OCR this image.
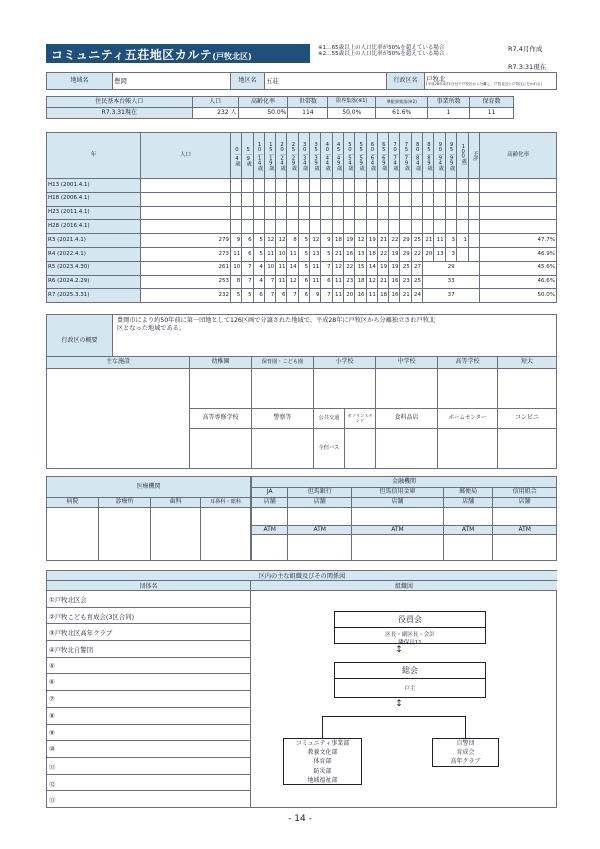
コミュニティ五荘地区カルテ(戸牧北区)
※1…65歳以上の人口比率が50%を超えている場合
※2…55歳以上の人口比率が50%を超えている場合
R7.4月作成
R7.3.31現在
地域名	豊岡	地区名	五荘	行政区名	戸牧北
(平成28年4月1日付で戸牧区から分離し、戸牧北区と戸牧区に分かれる)
住民基本台帳人口	人口	高齢化率	世帯数	限界集落(※1)	準限界集落(※2)	事業所数	保育数
R7.3.31現在	232 人	50.0%	114	50.0%	61.6%	1	11
年	人口	0｜4歳	5｜9歳	10｜14歳	15｜19歳	20｜24歳	25｜29歳	30｜34歳	35｜39歳	40｜44歳	45｜49歳	50｜54歳	55｜59歳	60｜64歳	65｜69歳	70｜74歳	75｜79歳	80｜84歳	85｜89歳	90｜94歳	95｜99歳	100歳｜	不詳	高齢化率
H13 (2001.4.1)																								
H18 (2006.4.1)																								
H23 (2011.4.1)																								
H28 (2016.4.1)																								
R3 (2021.4.1)	279	9	6	5	12	12	8	5	12	9	18	19	12	19	21	22	29	25	21	11	3	1		47.7%
R4 (2022.4.1)	273	11	6	5	11	10	11	5	13	5	21	16	13	18	22	19	29	22	20	13	3			46.9%
R5 (2023.4.30)	261	10	7	4	10	11	14	5	11	7	12	22	15	14	19	19	25	27	29					45.6%
R6 (2024.2.29)	253	8	7	4	7	11	12	6	11	6	11	23	18	12	21	16	23	25	33					46.6%
R7 (2025.3.31)	232	5	5	6	7	6	7	6	9	7	11	20	16	11	18	16	21	24	37					50.0%
行政区の概要
豊岡市により約50年前に第一団地として126区画で分譲された地域で、平成28年に戸牧区から分離独立され戸牧北区となった地域である。
主な施設	幼稚園	保育園・こども園	小学校		中学校	高等学校	短大

	高等専修学校	警察等	公共交通	ガソリンスタンド	食料品店	ホームセンター	コンビニ
			全但バス				
医療機関			
病院	診療所	歯科	耳鼻科・眼科

金融機関				
JA	但馬銀行	但馬信用金庫	郵便局	信用組合
店舗	店舗	店舗	店舗	店舗

ATM	ATM	ATM	ATM	ATM

区内の主な組織及びその関係図
団体名	組織図
①戸牧北区会
②戸牧こども育成会(3区合同)
③戸牧北区高年クラブ
④戸牧北自警団
⑤
⑥
⑦
⑧
⑨
⑩
⑪
⑫
⑬
役員会
区長・副区長・会計
隣保長11
↕
総会
戸主
↕
コミュニティ事業部
教養文化部
体育部
防災部
地域福祉部
自警団
育成会
高年クラブ
- 14 -
